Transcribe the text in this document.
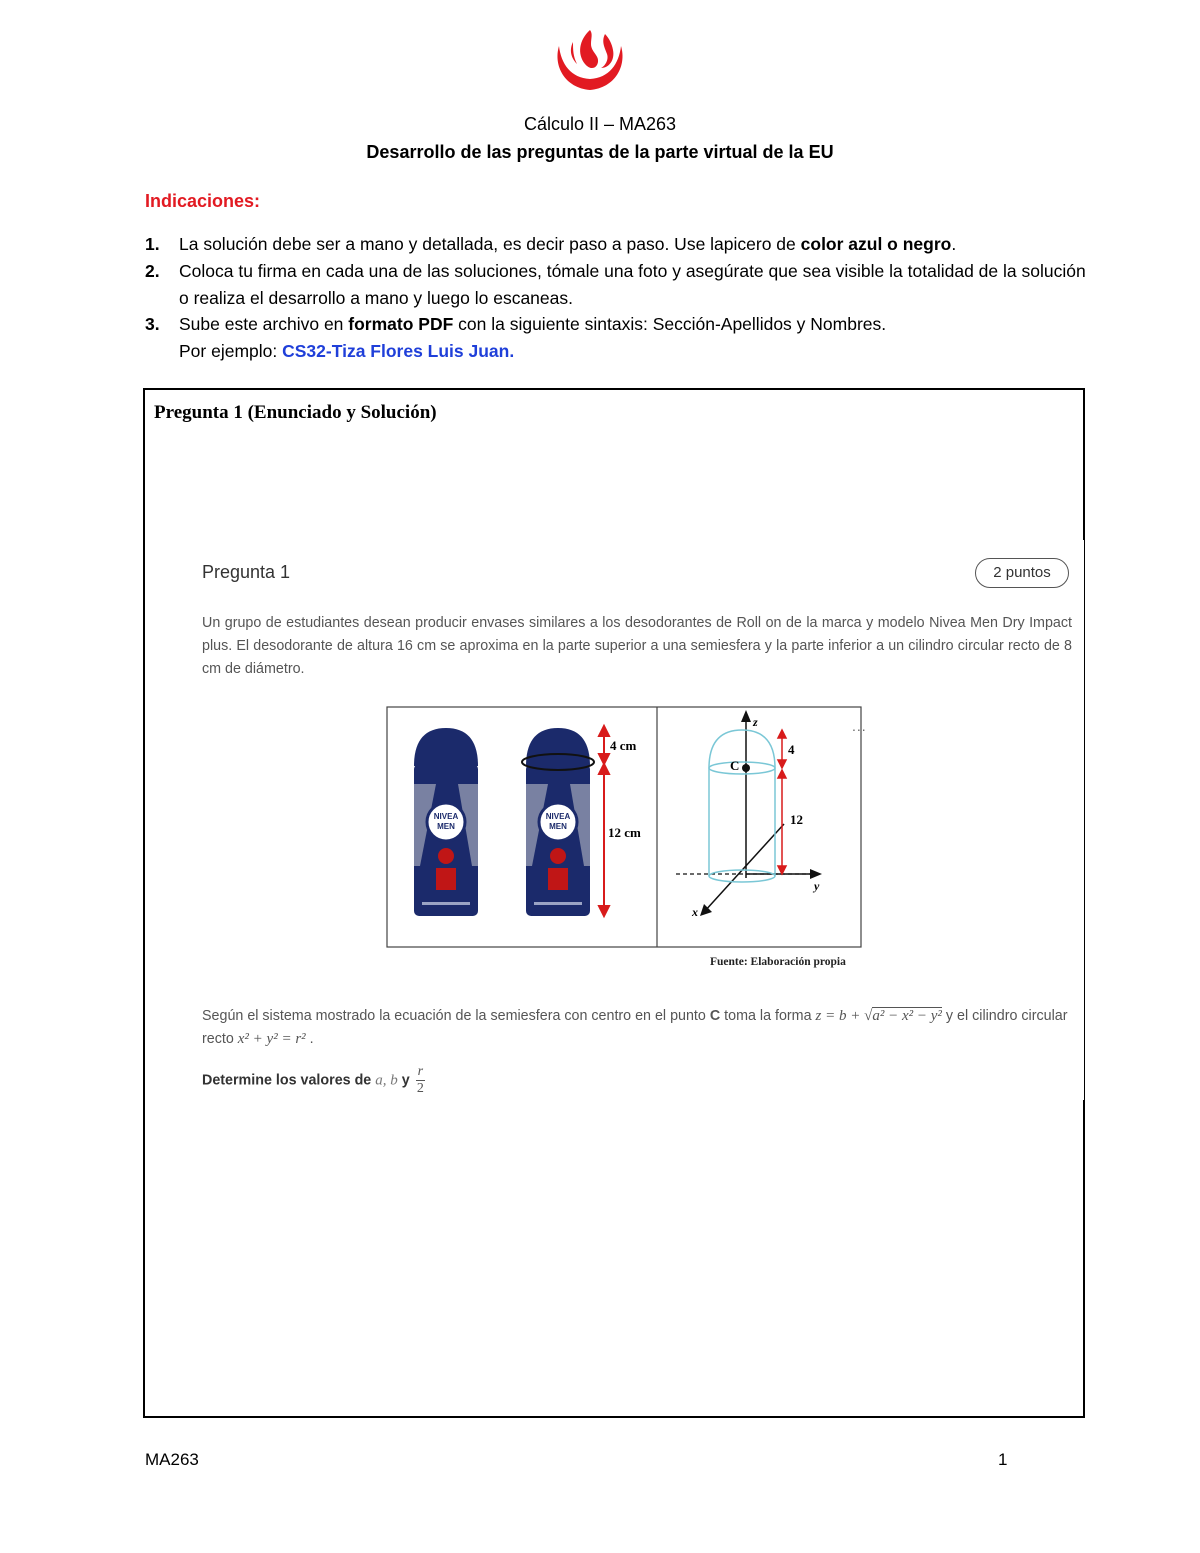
Cálculo II – MA263
Desarrollo de las preguntas de la parte virtual de la EU
Indicaciones:
1.	La solución debe ser a mano y detallada, es decir paso a paso. Use lapicero de color azul o negro.
2.	Coloca tu firma en cada una de las soluciones, tómale una foto y asegúrate que sea visible la totalidad de la solución o realiza el desarrollo a mano y luego lo escaneas.
3.	Sube este archivo en formato PDF con la siguiente sintaxis: Sección-Apellidos y Nombres.
Por ejemplo: CS32-Tiza Flores Luis Juan.
Pregunta 1 (Enunciado y Solución)
Pregunta 1	2 puntos
Un grupo de estudiantes desean producir envases similares a los desodorantes de Roll on de la marca y modelo Nivea Men Dry Impact plus. El desodorante de altura 16 cm se aproxima en la parte superior a una semiesfera y la parte inferior a un cilindro circular recto de 8 cm de diámetro.
NIVEA
MEN
NIVEA
MEN
4 cm
12 cm
z
y
x
C
4
12
...
Fuente: Elaboración propia
Según el sistema mostrado la ecuación de la semiesfera con centro en el punto C toma la forma z = b + √a² − x² − y² y el cilindro circular recto x² + y² = r² .
Determine los valores de a, b y $\frac{r}{2}$
MA263	1
